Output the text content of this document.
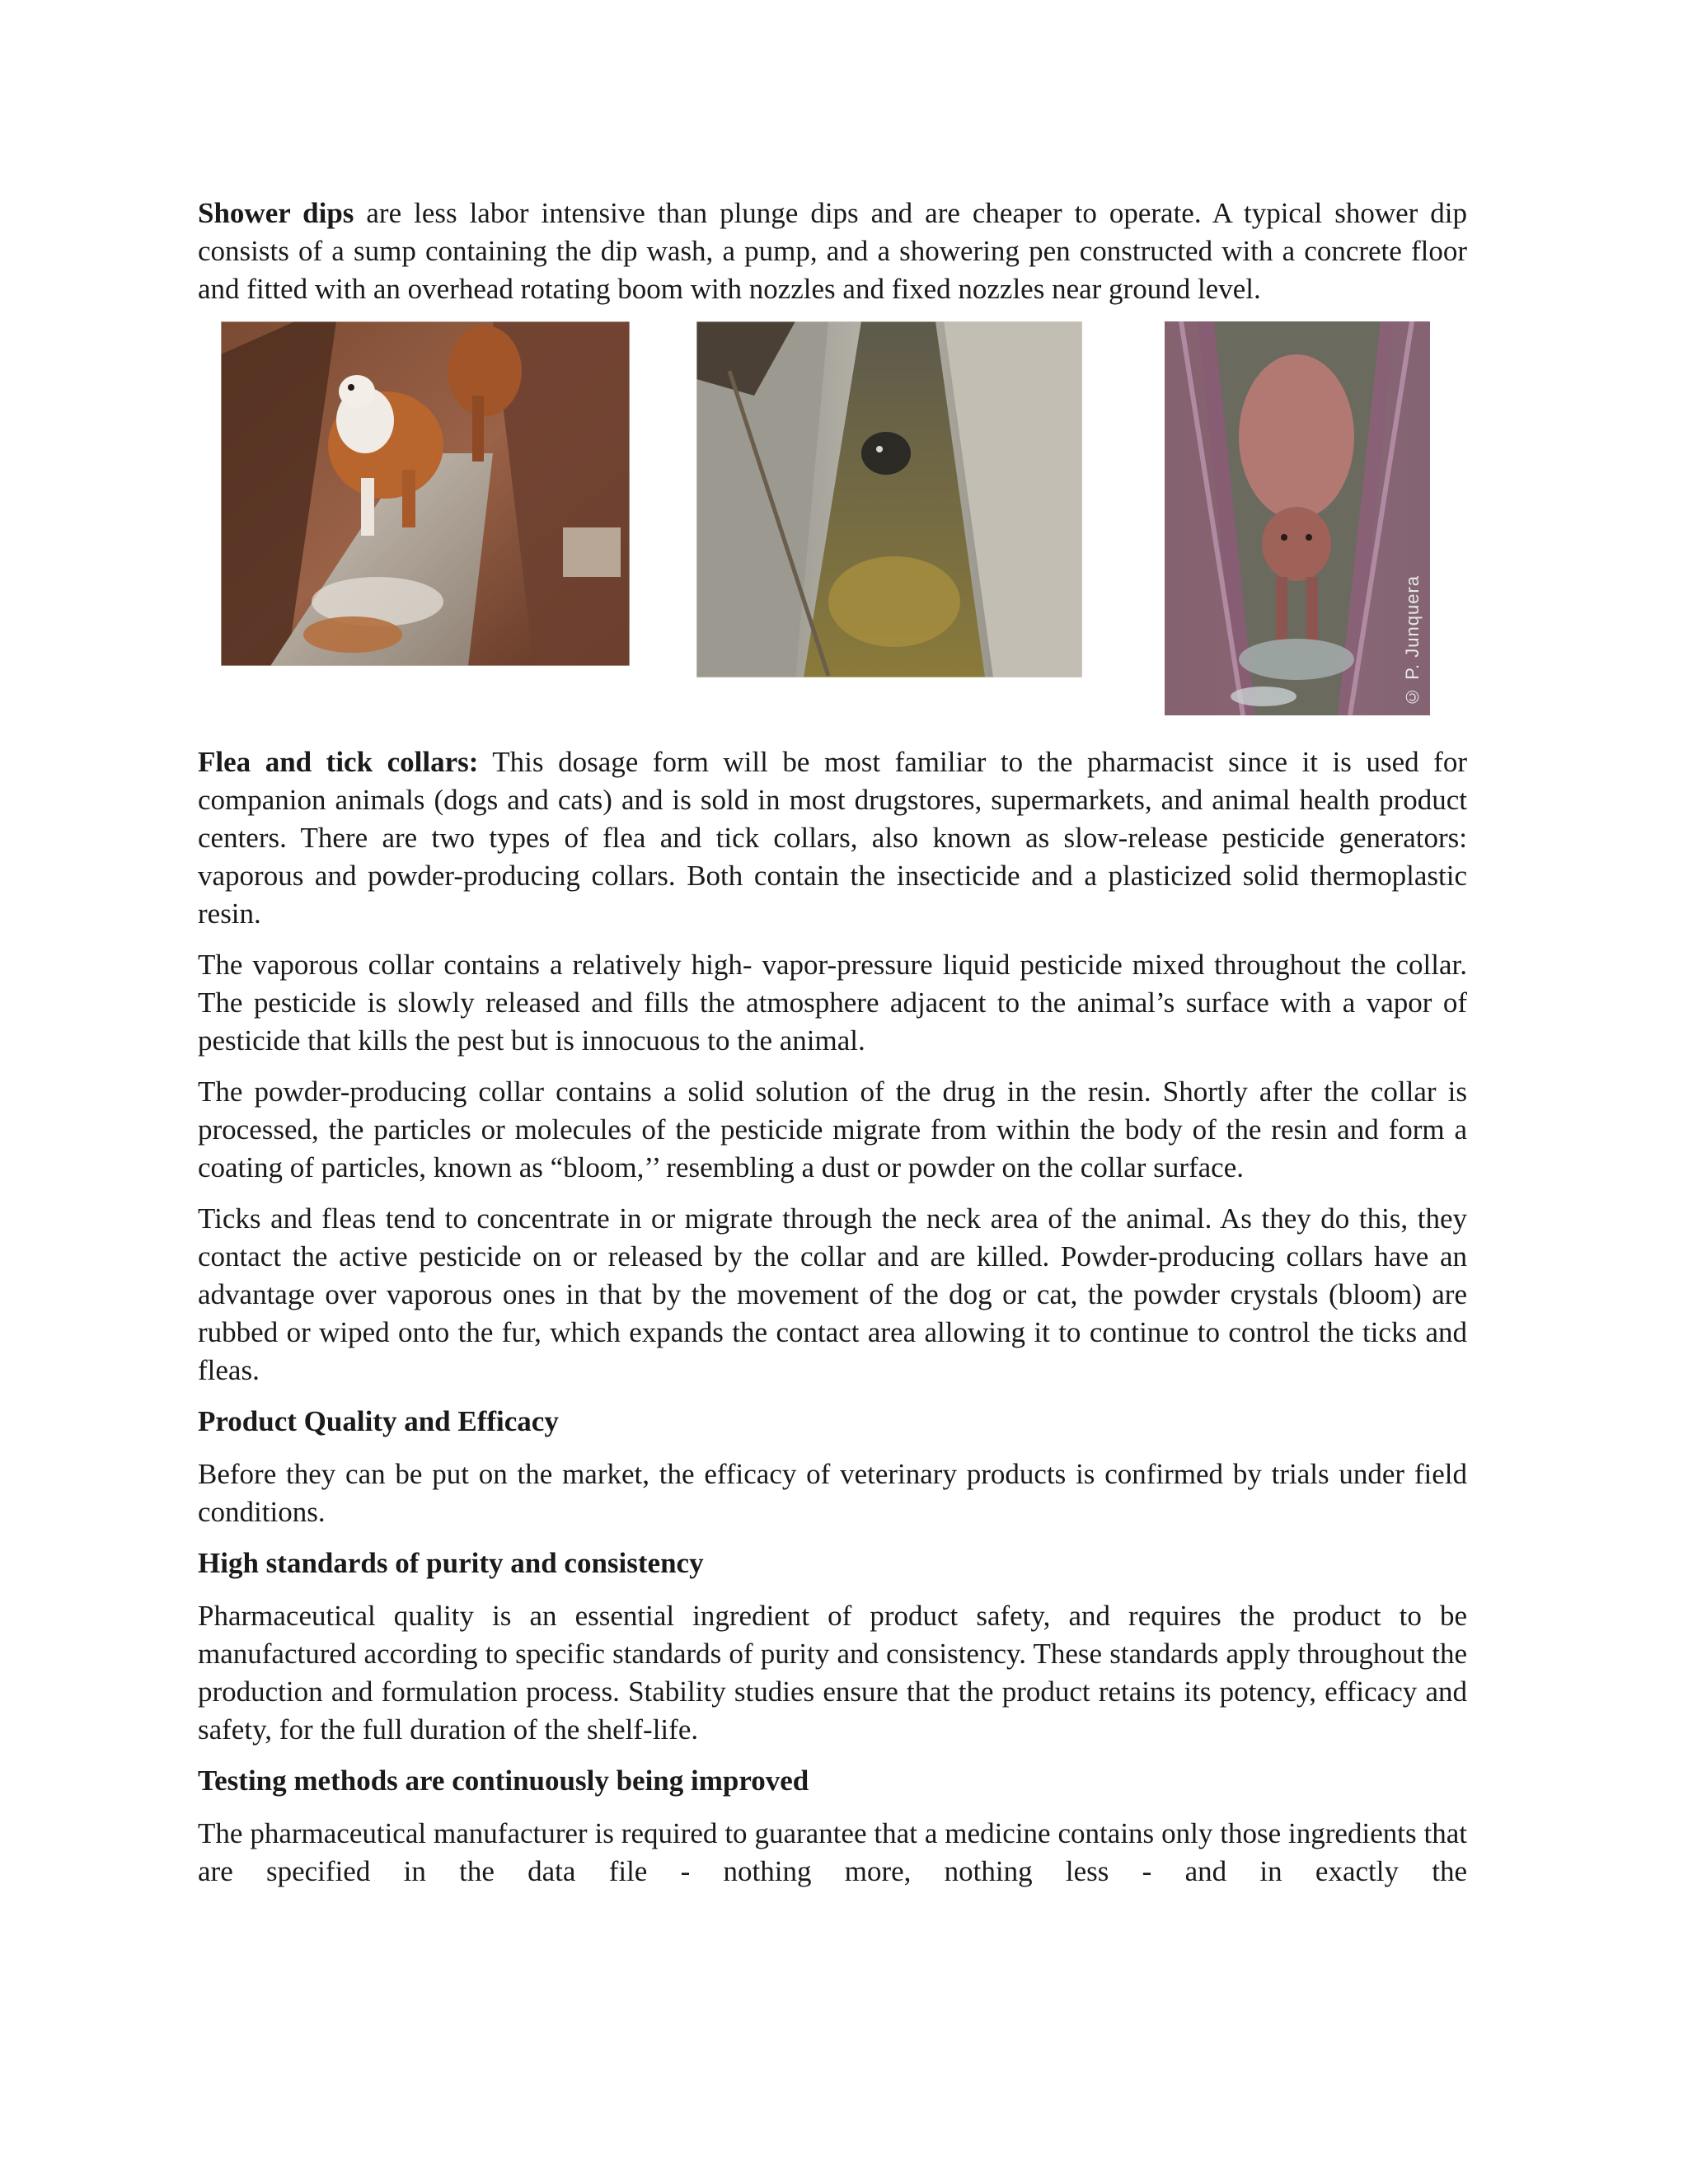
Shower dips are less labor intensive than plunge dips and are cheaper to operate. A typical shower dip consists of a sump containing the dip wash, a pump, and a showering pen constructed with a concrete floor and fitted with an overhead rotating boom with nozzles and fixed nozzles near ground level.

© P. Junquera

Flea and tick collars: This dosage form will be most familiar to the pharmacist since it is used for companion animals (dogs and cats) and is sold in most drugstores, supermarkets, and animal health product centers. There are two types of flea and tick collars, also known as slow-release pesticide generators: vaporous and powder-producing collars. Both contain the insecticide and a plasticized solid thermoplastic resin.

The vaporous collar contains a relatively high- vapor-pressure liquid pesticide mixed throughout the collar. The pesticide is slowly released and fills the atmosphere adjacent to the animal’s surface with a vapor of pesticide that kills the pest but is innocuous to the animal.

The powder-producing collar contains a solid solution of the drug in the resin. Shortly after the collar is processed, the particles or molecules of the pesticide migrate from within the body of the resin and form a coating of particles, known as “bloom,’’ resembling a dust or powder on the collar surface.

Ticks and fleas tend to concentrate in or migrate through the neck area of the animal. As they do this, they contact the active pesticide on or released by the collar and are killed. Powder-producing collars have an advantage over vaporous ones in that by the movement of the dog or cat, the powder crystals (bloom) are rubbed or wiped onto the fur, which expands the contact area allowing it to continue to control the ticks and fleas.

Product Quality and Efficacy

Before they can be put on the market, the efficacy of veterinary products is confirmed by trials under field conditions.

High standards of purity and consistency

Pharmaceutical quality is an essential ingredient of product safety, and requires the product to be manufactured according to specific standards of purity and consistency. These standards apply throughout the production and formulation process. Stability studies ensure that the product retains its potency, efficacy and safety, for the full duration of the shelf-life.

Testing methods are continuously being improved

The pharmaceutical manufacturer is required to guarantee that a medicine contains only those ingredients that are specified in the data file - nothing more, nothing less - and in exactly the
